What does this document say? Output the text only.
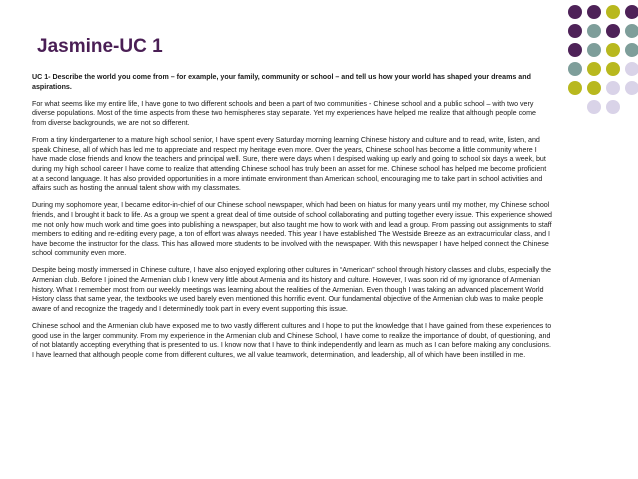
Jasmine-UC 1

UC 1- Describe the world you come from – for example, your family, community or school – and tell us how your world has shaped your dreams and aspirations.

For what seems like my entire life, I have gone to two different schools and been a part of two communities - Chinese school and a public school – with two very diverse populations. Most of the time aspects from these two hemispheres stay separate. Yet my experiences have helped me realize that although people come from diverse backgrounds, we are not so different.

From a tiny kindergartener to a mature high school senior, I have spent every Saturday morning learning Chinese history and culture and to read, write, listen, and speak Chinese, all of which has led me to appreciate and respect my heritage even more. Over the years, Chinese school has become a little community where I have made close friends and know the teachers and principal well. Sure, there were days when I despised waking up early and going to school six days a week, but during my high school career I have come to realize that attending Chinese school has truly been an asset for me. Chinese school has helped me become proficient at a second language. It has also provided opportunities in a more intimate environment than American school, encouraging me to take part in school activities and affairs such as hosting the annual talent show with my classmates.

During my sophomore year, I became editor-in-chief of our Chinese school newspaper, which had been on hiatus for many years until my mother, my Chinese school friends, and I brought it back to life. As a group we spent a great deal of time outside of school collaborating and putting together every issue. This experience showed me not only how much work and time goes into publishing a newspaper, but also taught me how to work with and lead a group. From passing out assignments to staff members to editing and re-editing every page, a ton of effort was always needed. This year I have established The Westside Breeze as an extracurricular class, and I have become the instructor for the class. This has allowed more students to be involved with the newspaper. With this newspaper I have helped connect the Chinese school community even more.

Despite being mostly immersed in Chinese culture, I have also enjoyed exploring other cultures in “American” school through history classes and clubs, especially the Armenian club. Before I joined the Armenian club I knew very little about Armenia and its history and culture. However, I was soon rid of my ignorance of Armenian history. What I remember most from our weekly meetings was learning about the realities of the Armenian. Even though I was taking an advanced placement World History class that same year, the textbooks we used barely even mentioned this horrific event. Our fundamental objective of the Armenian club was to make people aware of and recognize the tragedy and I determinedly took part in every event supporting this issue.

Chinese school and the Armenian club have exposed me to two vastly different cultures and I hope to put the knowledge that I have gained from these experiences to good use in the larger community. From my experience in the Armenian club and Chinese School, I have come to realize the importance of doubt, of questioning, and of not blatantly accepting everything that is presented to us. I know now that I have to think independently and learn as much as I can before making any conclusions. I have learned that although people come from different cultures, we all value teamwork, determination, and leadership, all of which have been instilled in me.
